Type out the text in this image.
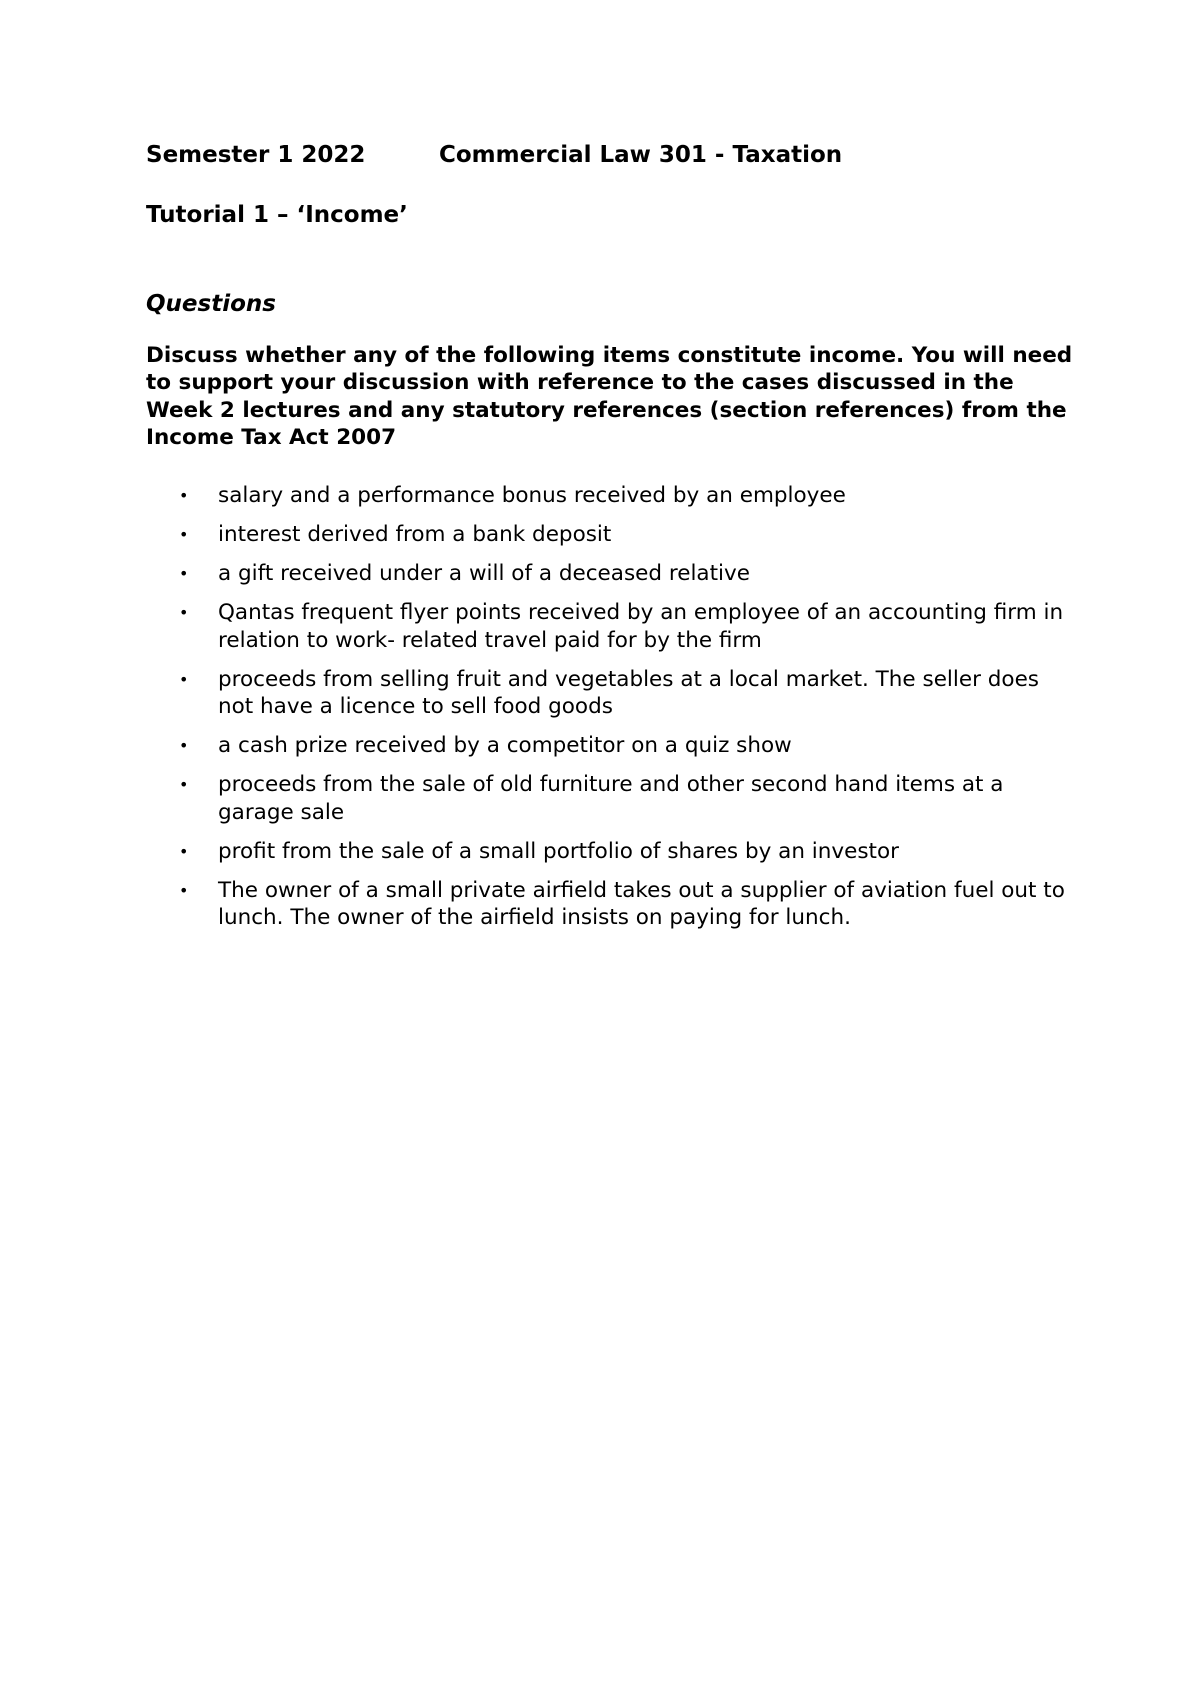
Semester 1 2022	Commercial Law 301 - Taxation
Tutorial 1 – ‘Income’
Questions
Discuss whether any of the following items constitute income. You will need to support your discussion with reference to the cases discussed in the Week 2 lectures and any statutory references (section references) from the Income Tax Act 2007
• salary and a performance bonus received by an employee
• interest derived from a bank deposit
• a gift received under a will of a deceased relative
• Qantas frequent flyer points received by an employee of an accounting firm in relation to work- related travel paid for by the firm
• proceeds from selling fruit and vegetables at a local market. The seller does not have a licence to sell food goods
• a cash prize received by a competitor on a quiz show
• proceeds from the sale of old furniture and other second hand items at a garage sale
• profit from the sale of a small portfolio of shares by an investor
• The owner of a small private airfield takes out a supplier of aviation fuel out to lunch. The owner of the airfield insists on paying for lunch.
